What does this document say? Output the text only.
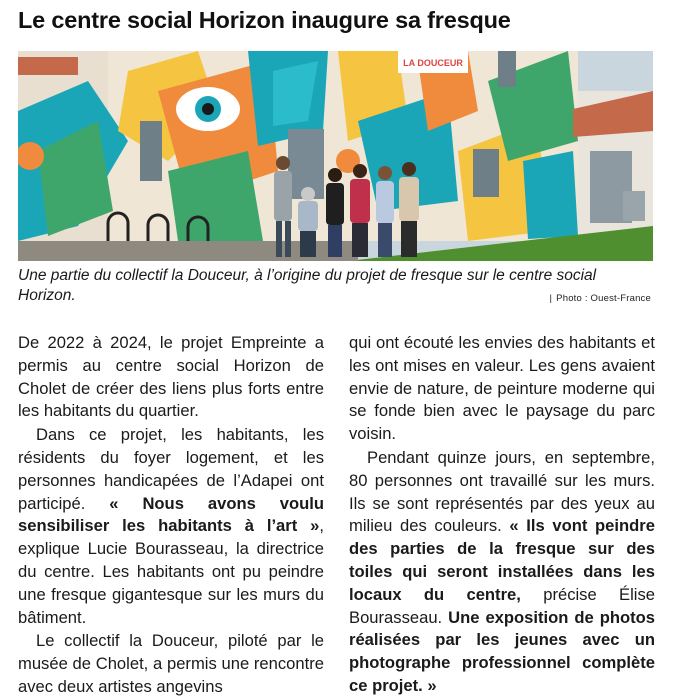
Le centre social Horizon inaugure sa fresque
LA DOUCEUR
Une partie du collectif la Douceur, à l’origine du projet de fresque sur le centre social Horizon.	| Photo : Ouest-France

De 2022 à 2024, le projet Empreinte a permis au centre social Horizon de Cholet de créer des liens plus forts entre les habitants du quartier.

Dans ce projet, les habitants, les résidents du foyer logement, et les personnes handicapées de l’Adapei ont participé. « Nous avons voulu sensibiliser les habitants à l’art », explique Lucie Bourasseau, la directrice du centre. Les habitants ont pu peindre une fresque gigantesque sur les murs du bâtiment.

Le collectif la Douceur, piloté par le musée de Cholet, a permis une rencontre avec deux artistes angevins

qui ont écouté les envies des habitants et les ont mises en valeur. Les gens avaient envie de nature, de peinture moderne qui se fonde bien avec le paysage du parc voisin.

Pendant quinze jours, en septembre, 80 personnes ont travaillé sur les murs. Ils se sont représentés par des yeux au milieu des couleurs. « Ils vont peindre des parties de la fresque sur des toiles qui seront installées dans les locaux du centre, précise Élise Bourasseau. Une exposition de photos réalisées par les jeunes avec un photographe professionnel complète ce projet. »
